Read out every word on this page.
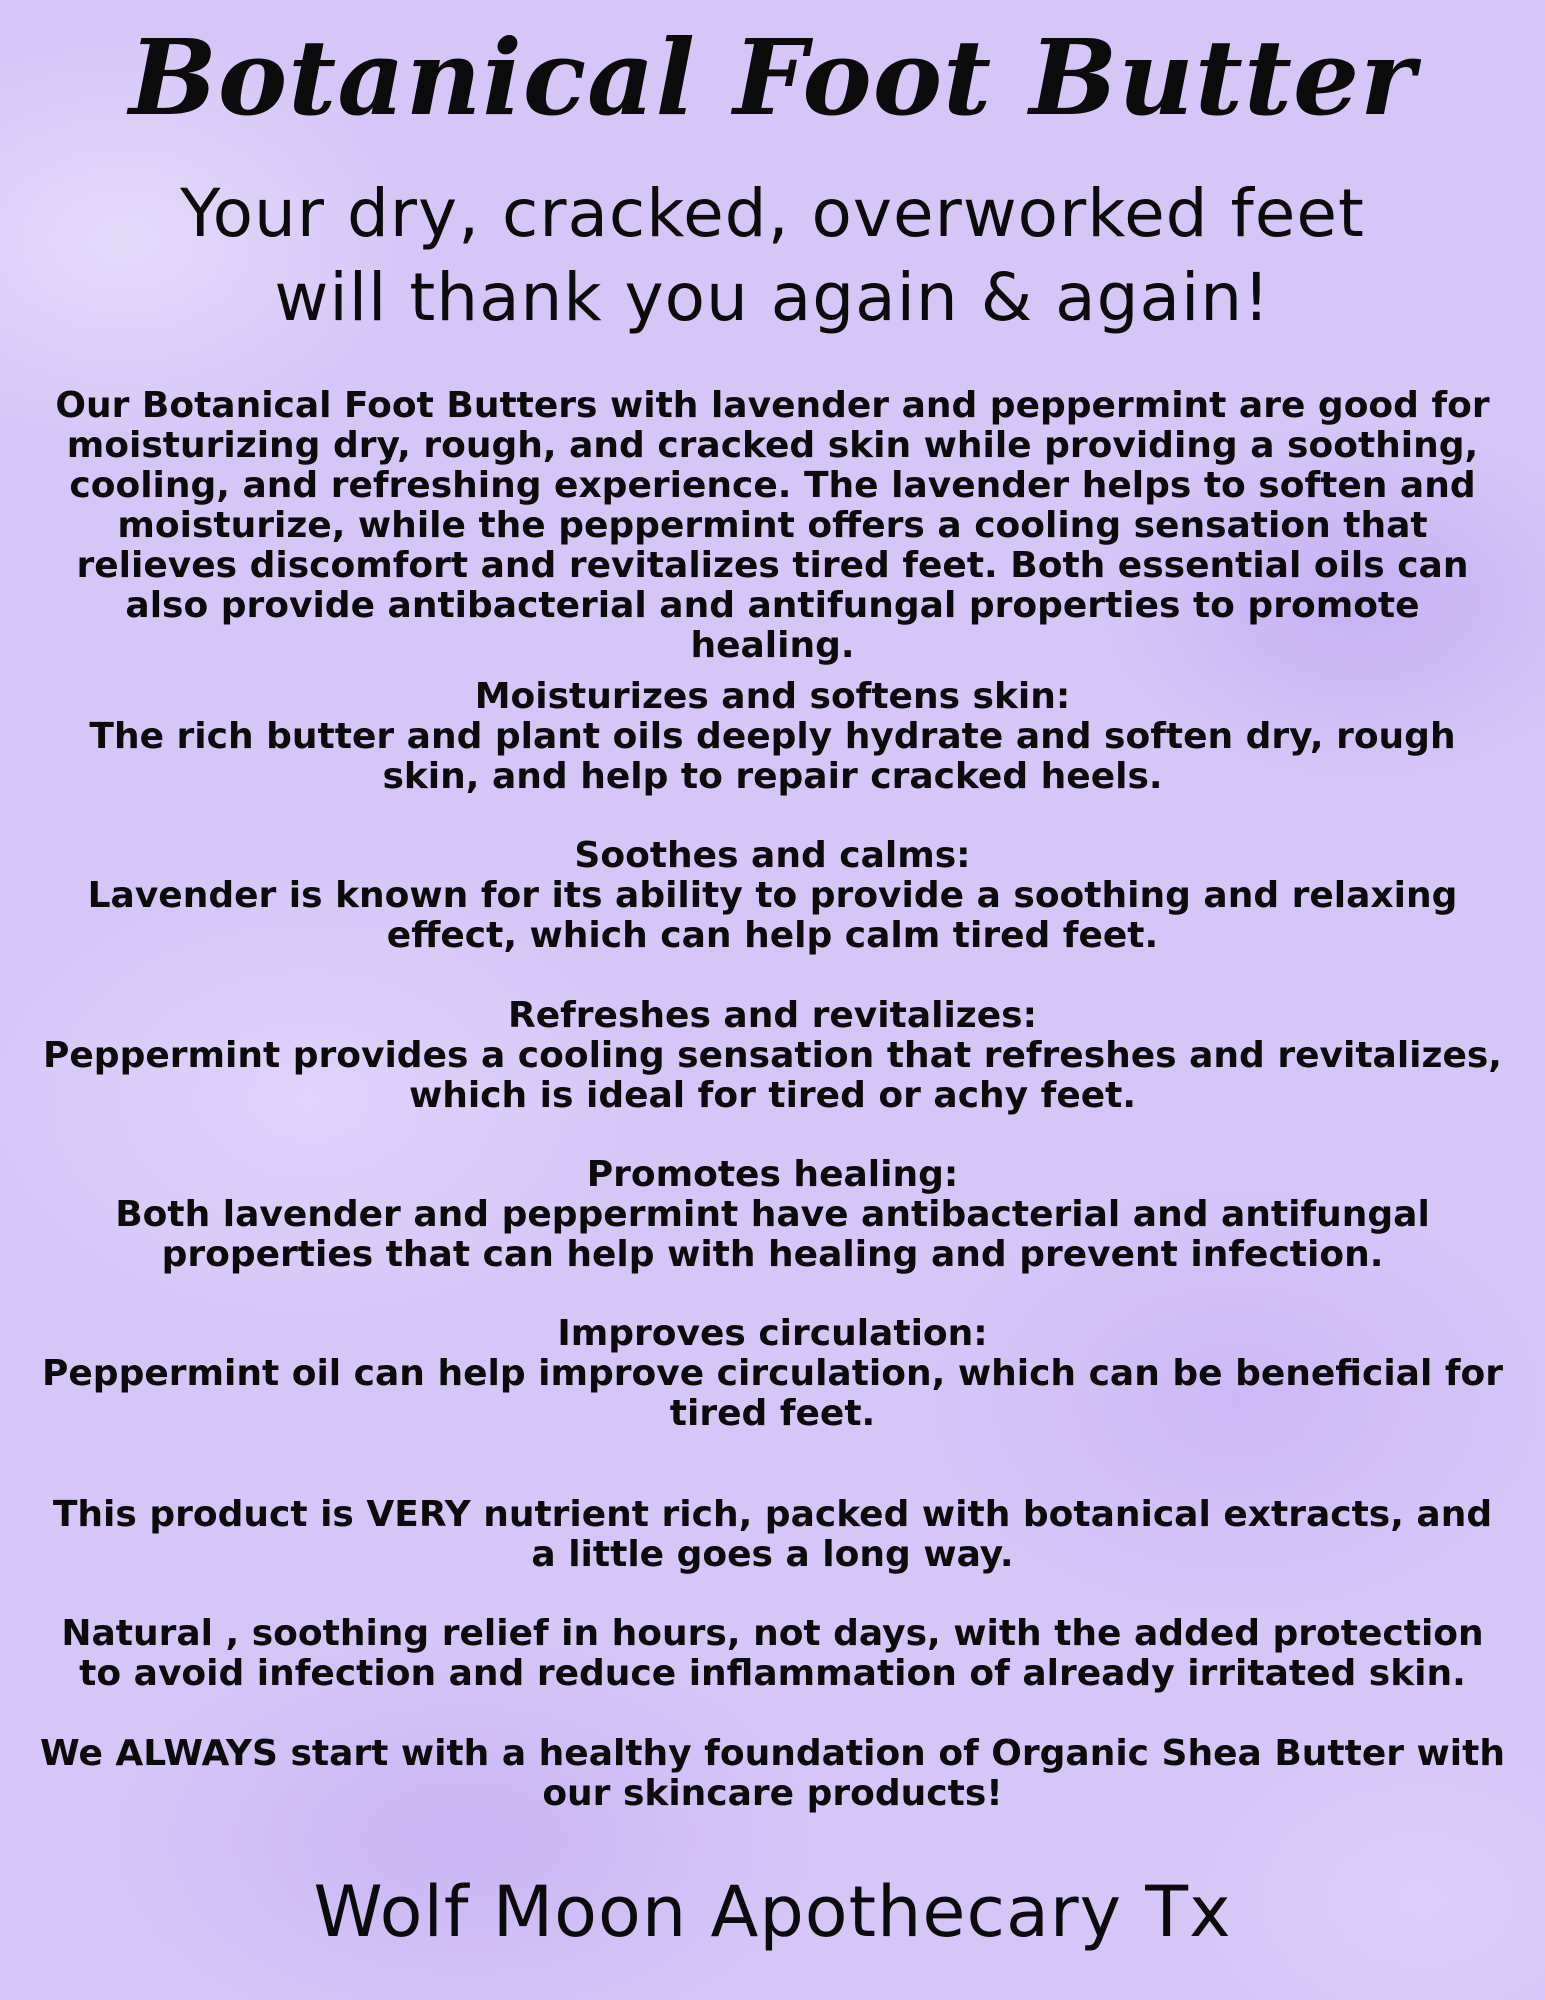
Botanical Foot Butter
Your dry, cracked, overworked feet will thank you again & again!

Our Botanical Foot Butters with lavender and peppermint are good for moisturizing dry, rough, and cracked skin while providing a soothing, cooling, and refreshing experience. The lavender helps to soften and moisturize, while the peppermint offers a cooling sensation that relieves discomfort and revitalizes tired feet. Both essential oils can also provide antibacterial and antifungal properties to promote healing.

Moisturizes and softens skin:
The rich butter and plant oils deeply hydrate and soften dry, rough skin, and help to repair cracked heels.
Soothes and calms:
Lavender is known for its ability to provide a soothing and relaxing effect, which can help calm tired feet.
Refreshes and revitalizes:
Peppermint provides a cooling sensation that refreshes and revitalizes, which is ideal for tired or achy feet.
Promotes healing:
Both lavender and peppermint have antibacterial and antifungal properties that can help with healing and prevent infection.
Improves circulation:
Peppermint oil can help improve circulation, which can be beneficial for tired feet.

This product is VERY nutrient rich, packed with botanical extracts, and a little goes a long way.

Natural , soothing relief in hours, not days, with the added protection to avoid infection and reduce inflammation of already irritated skin.

We ALWAYS start with a healthy foundation of Organic Shea Butter with our skincare products!

Wolf Moon Apothecary Tx
